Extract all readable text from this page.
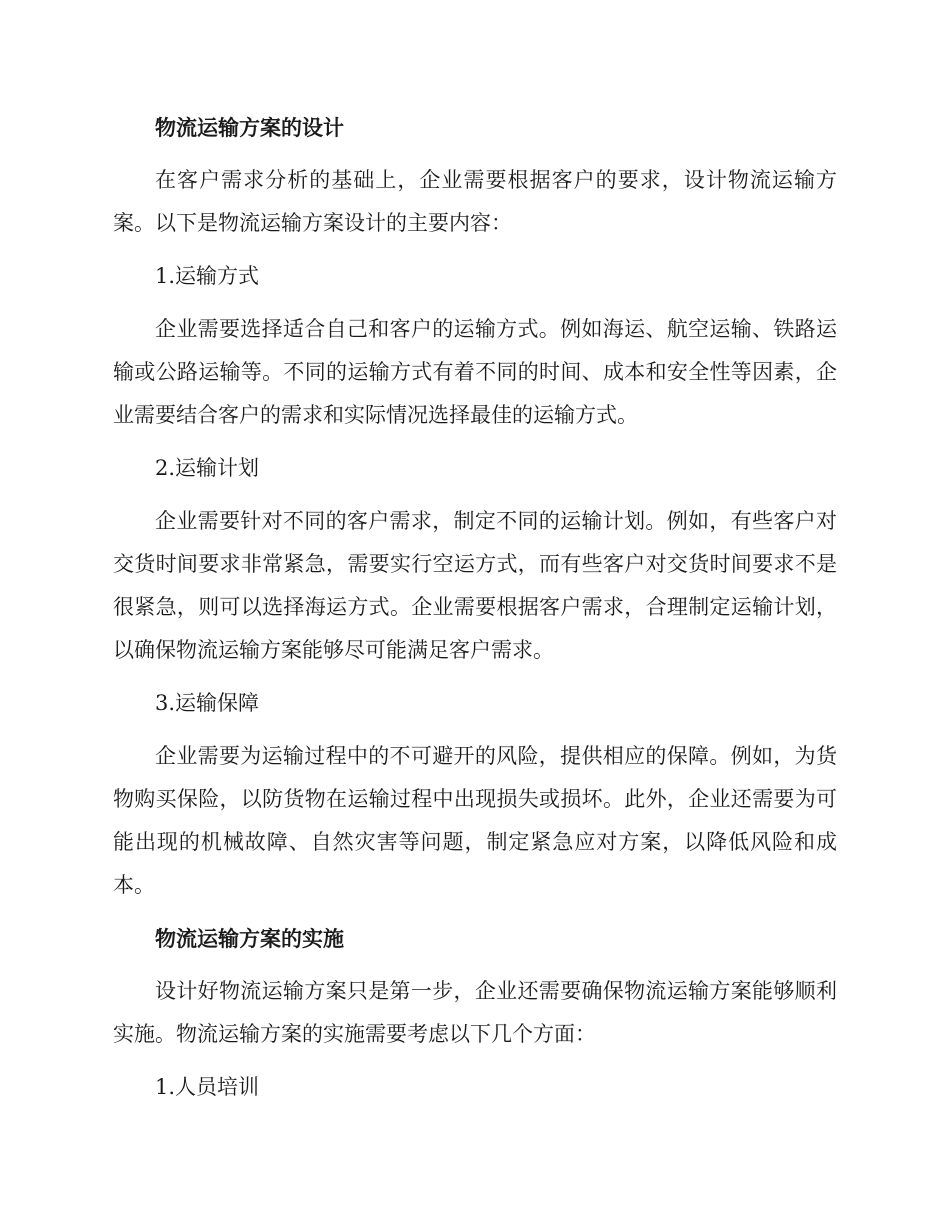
物流运输方案的设计

在客户需求分析的基础上，企业需要根据客户的要求，设计物流运输方案。以下是物流运输方案设计的主要内容：

1.运输方式

企业需要选择适合自己和客户的运输方式。例如海运、航空运输、铁路运输或公路运输等。不同的运输方式有着不同的时间、成本和安全性等因素，企业需要结合客户的需求和实际情况选择最佳的运输方式。

2.运输计划

企业需要针对不同的客户需求，制定不同的运输计划。例如，有些客户对交货时间要求非常紧急，需要实行空运方式，而有些客户对交货时间要求不是很紧急，则可以选择海运方式。企业需要根据客户需求，合理制定运输计划，以确保物流运输方案能够尽可能满足客户需求。

3.运输保障

企业需要为运输过程中的不可避开的风险，提供相应的保障。例如，为货物购买保险，以防货物在运输过程中出现损失或损坏。此外，企业还需要为可能出现的机械故障、自然灾害等问题，制定紧急应对方案，以降低风险和成本。

物流运输方案的实施

设计好物流运输方案只是第一步，企业还需要确保物流运输方案能够顺利实施。物流运输方案的实施需要考虑以下几个方面：

1.人员培训
